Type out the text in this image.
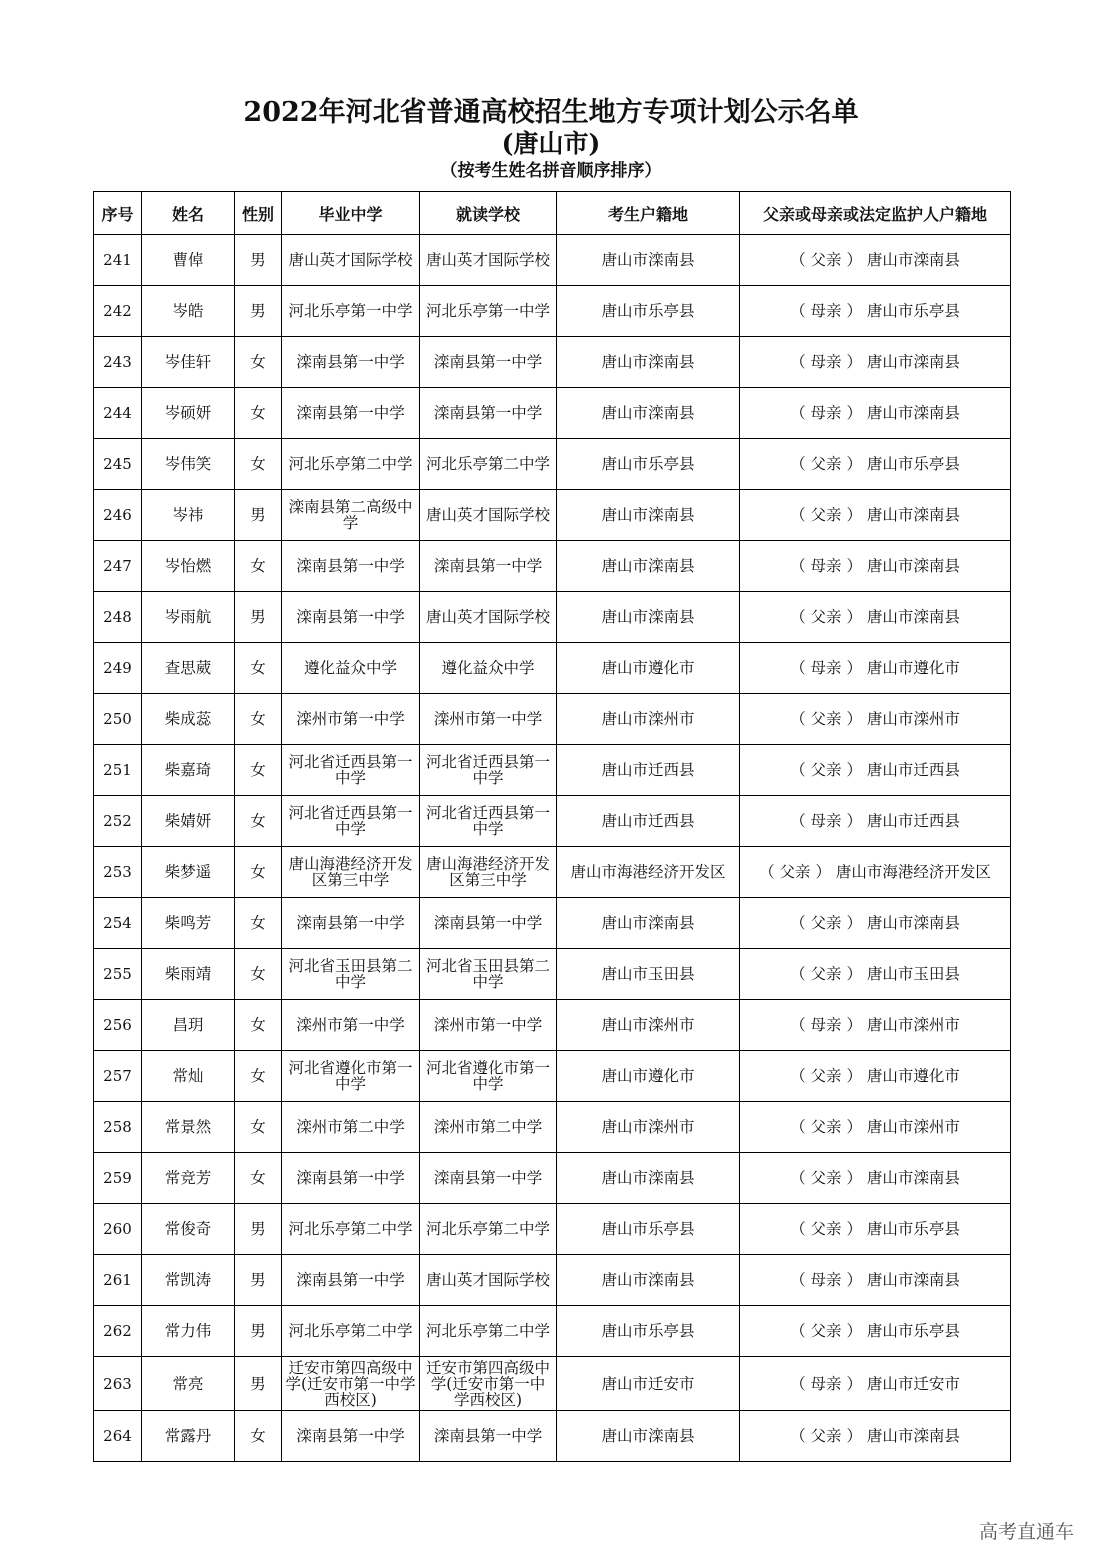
2022年河北省普通高校招生地方专项计划公示名单
(唐山市)
（按考生姓名拼音顺序排序）
序号	姓名	性别	毕业中学	就读学校	考生户籍地	父亲或母亲或法定监护人户籍地
241	曹倬	男	唐山英才国际学校	唐山英才国际学校	唐山市滦南县	（ 父亲 ） 唐山市滦南县
242	岑皓	男	河北乐亭第一中学	河北乐亭第一中学	唐山市乐亭县	（ 母亲 ） 唐山市乐亭县
243	岑佳轩	女	滦南县第一中学	滦南县第一中学	唐山市滦南县	（ 母亲 ） 唐山市滦南县
244	岑硕妍	女	滦南县第一中学	滦南县第一中学	唐山市滦南县	（ 母亲 ） 唐山市滦南县
245	岑伟笑	女	河北乐亭第二中学	河北乐亭第二中学	唐山市乐亭县	（ 父亲 ） 唐山市乐亭县
246	岑祎	男	滦南县第二高级中学	唐山英才国际学校	唐山市滦南县	（ 父亲 ） 唐山市滦南县
247	岑怡燃	女	滦南县第一中学	滦南县第一中学	唐山市滦南县	（ 母亲 ） 唐山市滦南县
248	岑雨航	男	滦南县第一中学	唐山英才国际学校	唐山市滦南县	（ 父亲 ） 唐山市滦南县
249	查思葳	女	遵化益众中学	遵化益众中学	唐山市遵化市	（ 母亲 ） 唐山市遵化市
250	柴成蕊	女	滦州市第一中学	滦州市第一中学	唐山市滦州市	（ 父亲 ） 唐山市滦州市
251	柴嘉琦	女	河北省迁西县第一中学	河北省迁西县第一中学	唐山市迁西县	（ 父亲 ） 唐山市迁西县
252	柴婧妍	女	河北省迁西县第一中学	河北省迁西县第一中学	唐山市迁西县	（ 母亲 ） 唐山市迁西县
253	柴梦遥	女	唐山海港经济开发区第三中学	唐山海港经济开发区第三中学	唐山市海港经济开发区	（ 父亲 ） 唐山市海港经济开发区
254	柴鸣芳	女	滦南县第一中学	滦南县第一中学	唐山市滦南县	（ 父亲 ） 唐山市滦南县
255	柴雨靖	女	河北省玉田县第二中学	河北省玉田县第二中学	唐山市玉田县	（ 父亲 ） 唐山市玉田县
256	昌玥	女	滦州市第一中学	滦州市第一中学	唐山市滦州市	（ 母亲 ） 唐山市滦州市
257	常灿	女	河北省遵化市第一中学	河北省遵化市第一中学	唐山市遵化市	（ 父亲 ） 唐山市遵化市
258	常景然	女	滦州市第二中学	滦州市第二中学	唐山市滦州市	（ 父亲 ） 唐山市滦州市
259	常竞芳	女	滦南县第一中学	滦南县第一中学	唐山市滦南县	（ 父亲 ） 唐山市滦南县
260	常俊奇	男	河北乐亭第二中学	河北乐亭第二中学	唐山市乐亭县	（ 父亲 ） 唐山市乐亭县
261	常凯涛	男	滦南县第一中学	唐山英才国际学校	唐山市滦南县	（ 母亲 ） 唐山市滦南县
262	常力伟	男	河北乐亭第二中学	河北乐亭第二中学	唐山市乐亭县	（ 父亲 ） 唐山市乐亭县
263	常亮	男	迁安市第四高级中学(迁安市第一中学西校区)	迁安市第四高级中学(迁安市第一中学西校区)	唐山市迁安市	（ 母亲 ） 唐山市迁安市
264	常露丹	女	滦南县第一中学	滦南县第一中学	唐山市滦南县	（ 父亲 ） 唐山市滦南县
高考直通车
